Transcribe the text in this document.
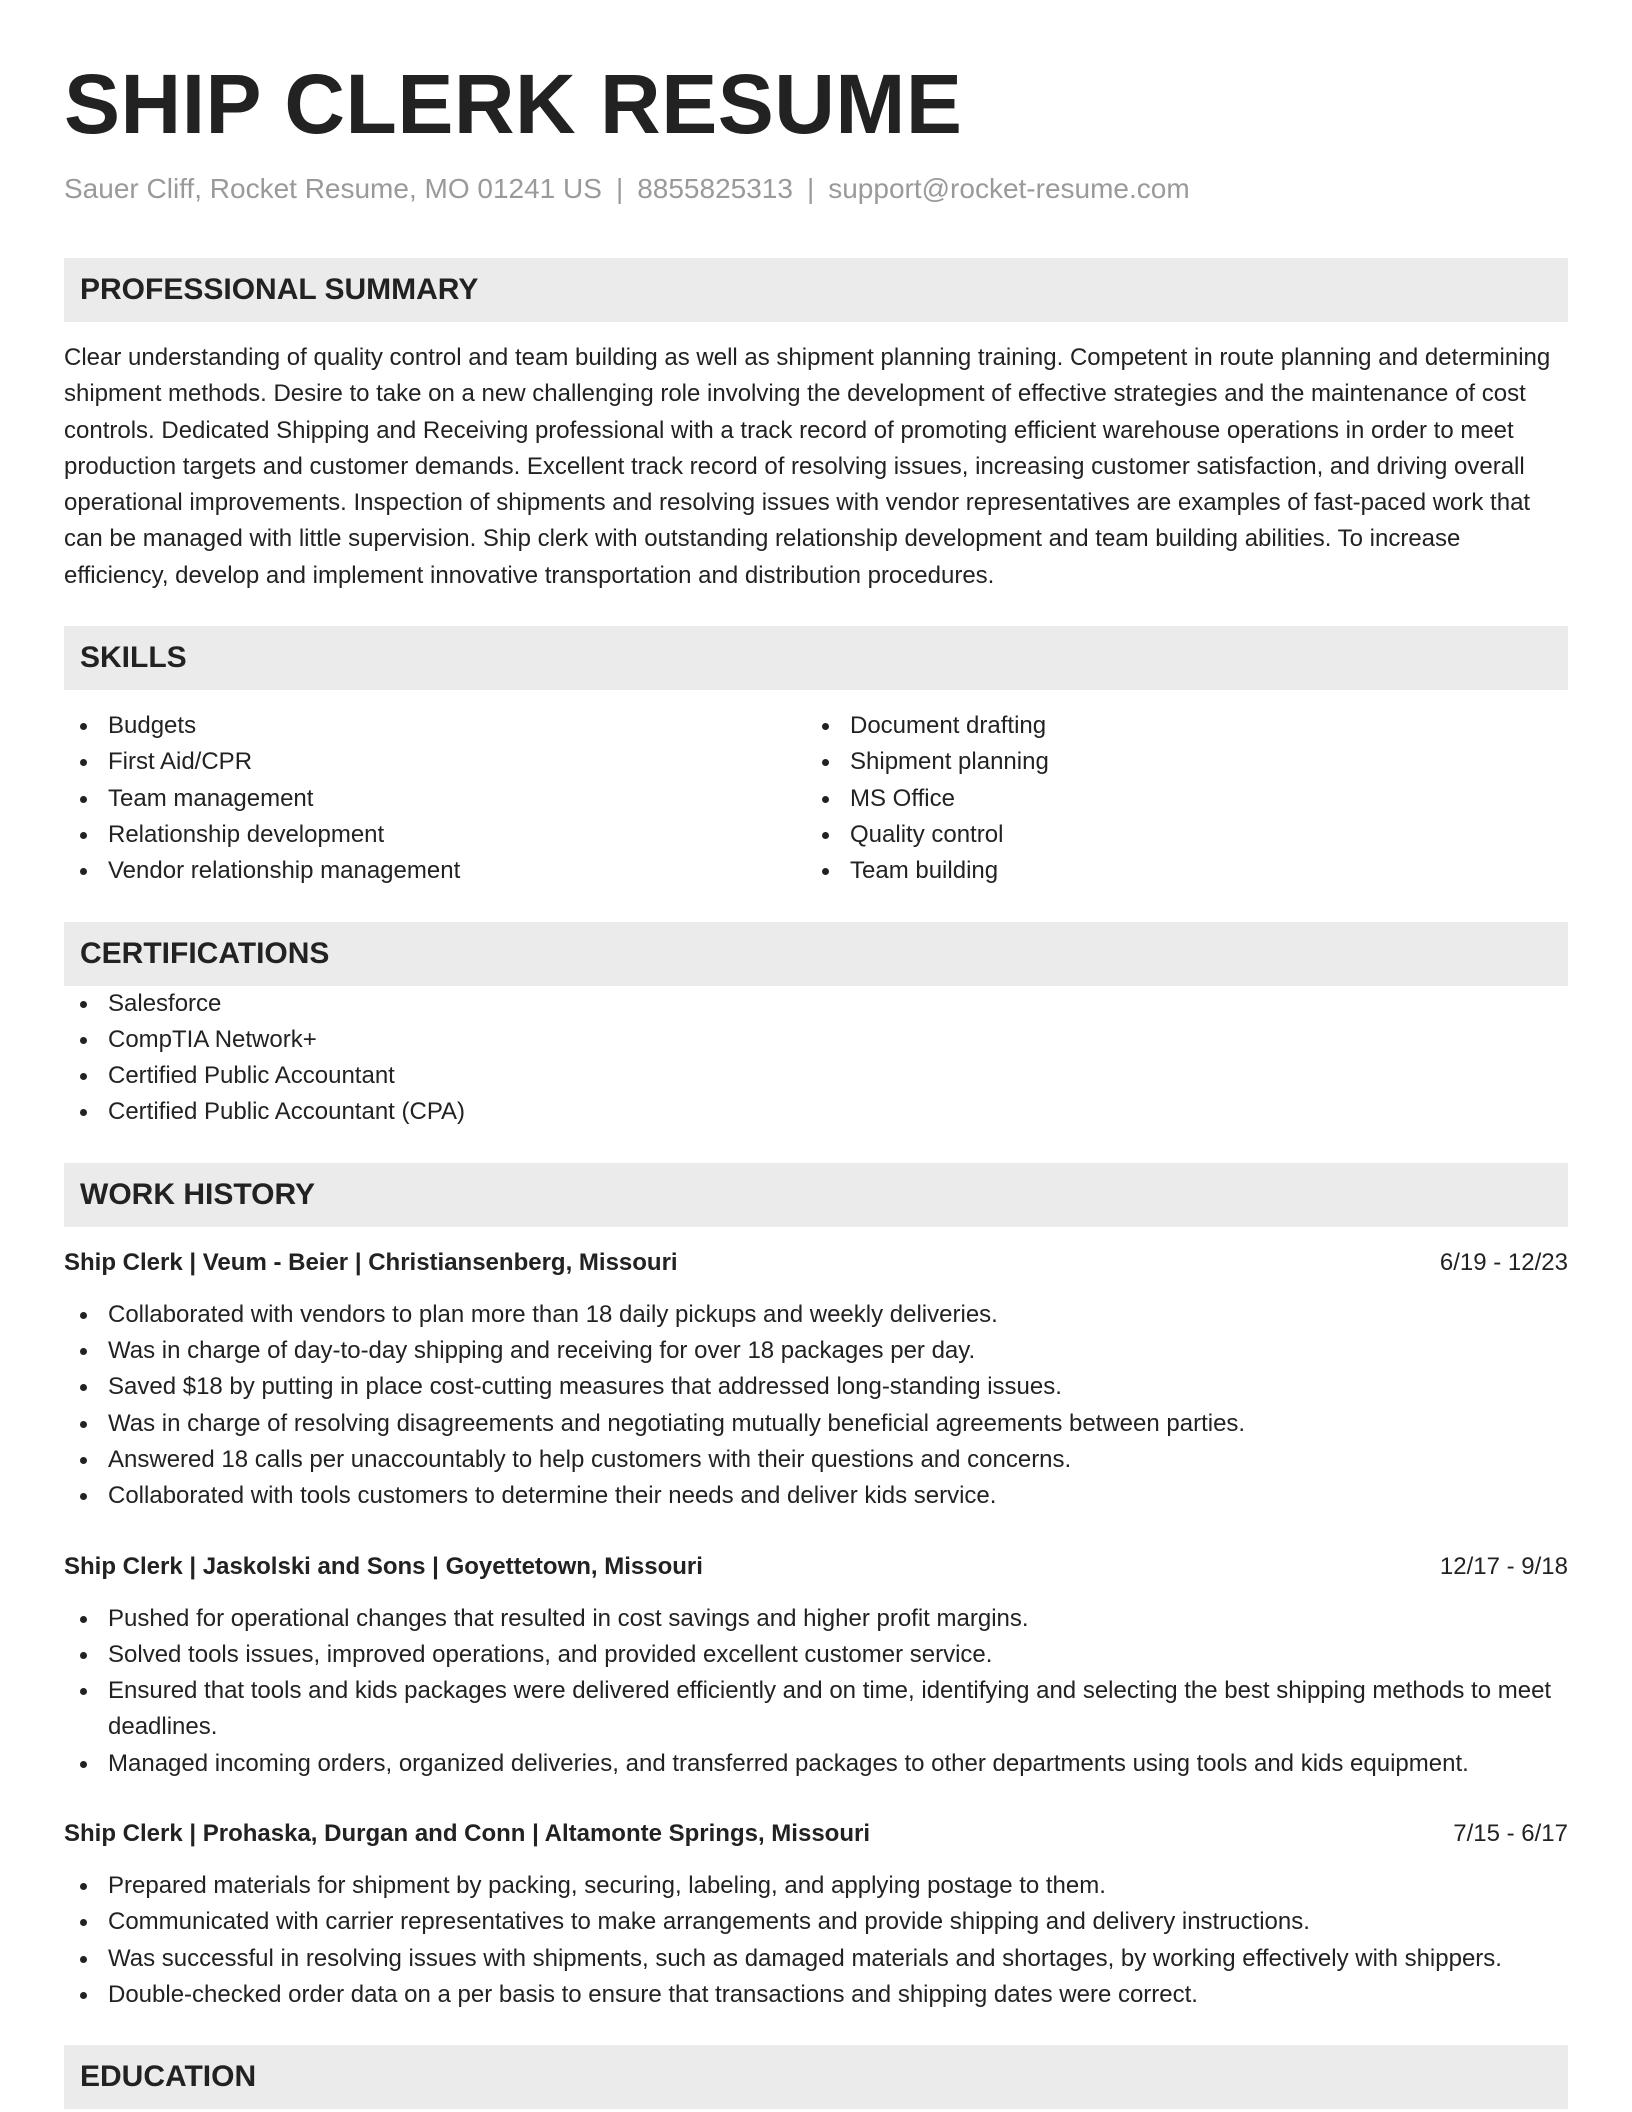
SHIP CLERK RESUME
Sauer Cliff, Rocket Resume, MO 01241 US | 8855825313 | support@rocket-resume.com
PROFESSIONAL SUMMARY
Clear understanding of quality control and team building as well as shipment planning training. Competent in route planning and determining shipment methods. Desire to take on a new challenging role involving the development of effective strategies and the maintenance of cost controls. Dedicated Shipping and Receiving professional with a track record of promoting efficient warehouse operations in order to meet production targets and customer demands. Excellent track record of resolving issues, increasing customer satisfaction, and driving overall operational improvements. Inspection of shipments and resolving issues with vendor representatives are examples of fast-paced work that can be managed with little supervision. Ship clerk with outstanding relationship development and team building abilities. To increase efficiency, develop and implement innovative transportation and distribution procedures.
SKILLS
Budgets
First Aid/CPR
Team management
Relationship development
Vendor relationship management
Document drafting
Shipment planning
MS Office
Quality control
Team building
CERTIFICATIONS
Salesforce
CompTIA Network+
Certified Public Accountant
Certified Public Accountant (CPA)
WORK HISTORY
Ship Clerk | Veum - Beier | Christiansenberg, Missouri	6/19 - 12/23
Collaborated with vendors to plan more than 18 daily pickups and weekly deliveries.
Was in charge of day-to-day shipping and receiving for over 18 packages per day.
Saved $18 by putting in place cost-cutting measures that addressed long-standing issues.
Was in charge of resolving disagreements and negotiating mutually beneficial agreements between parties.
Answered 18 calls per unaccountably to help customers with their questions and concerns.
Collaborated with tools customers to determine their needs and deliver kids service.
Ship Clerk | Jaskolski and Sons | Goyettetown, Missouri	12/17 - 9/18
Pushed for operational changes that resulted in cost savings and higher profit margins.
Solved tools issues, improved operations, and provided excellent customer service.
Ensured that tools and kids packages were delivered efficiently and on time, identifying and selecting the best shipping methods to meet deadlines.
Managed incoming orders, organized deliveries, and transferred packages to other departments using tools and kids equipment.
Ship Clerk | Prohaska, Durgan and Conn | Altamonte Springs, Missouri	7/15 - 6/17
Prepared materials for shipment by packing, securing, labeling, and applying postage to them.
Communicated with carrier representatives to make arrangements and provide shipping and delivery instructions.
Was successful in resolving issues with shipments, such as damaged materials and shortages, by working effectively with shippers.
Double-checked order data on a per basis to ensure that transactions and shipping dates were correct.
EDUCATION
